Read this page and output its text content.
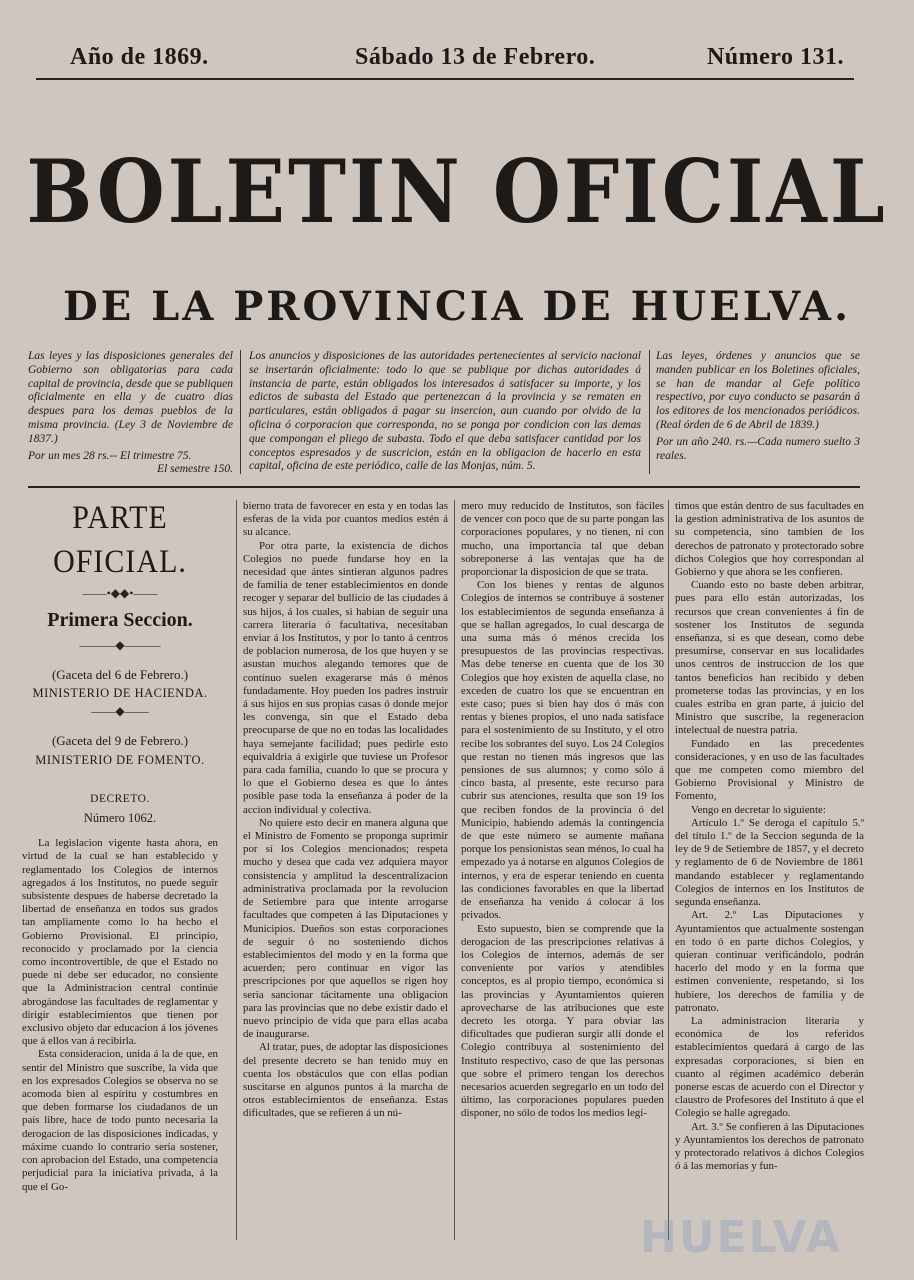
Año de 1869.	Sábado 13 de Febrero.	Número 131.
BOLETIN OFICIAL
DE LA PROVINCIA DE HUELVA.
Las leyes y las disposiciones generales del Gobierno son obligatorias para cada capital de provincia, desde que se publiquen oficialmente en ella y de cuatro dias despues para los demas pueblos de la misma provincia. (Ley 3 de Noviembre de 1837.)
Por un mes 28 rs.-- El trimestre 75.
El semestre 150.
Los anuncios y disposiciones de las autoridades pertenecientes al servicio nacional se insertarán oficialmente: todo lo que se publique por dichas autoridades á instancia de parte, están obligados los interesados á satisfacer su importe, y los edictos de subasta del Estado que pertenezcan á la provincia y se rematen en particulares, están obligados á pagar su insercion, aun cuando por olvido de la oficina ó corporacion que corresponda, no se ponga por condicion con las demas que compongan el pliego de subasta. Todo el que deba satisfacer cantidad por los conceptos espresados y de suscricion, están en la obligacion de hacerlo en esta capital, oficina de este periódico, calle de las Monjas, núm. 5.
Las leyes, órdenes y anuncios que se manden publicar en los Boletines oficiales, se han de mandar al Gefe político respectivo, por cuyo conducto se pasarán á los editores de los mencionados periódicos. (Real órden de 6 de Abril de 1839.)
Por un año 240. rs.—Cada numero suelto 3 reales.
PARTE OFICIAL.
——•◆◆•——
Primera Seccion.
———◆———
(Gaceta del 6 de Febrero.)
MINISTERIO DE HACIENDA.
——◆——
(Gaceta del 9 de Febrero.)
MINISTERIO DE FOMENTO.
DECRETO.
Número 1062.

La legislacion vigente hasta ahora, en virtud de la cual se han establecido y reglamentado los Colegios de internos agregados á los Institutos, no puede seguir subsistente despues de haberse decretado la libertad de enseñanza en todos sus grados tan ampliamente como lo ha hecho el Gobierno Provisional. El principio, reconocido y proclamado por la ciencia como incontrovertible, de que el Estado no puede ni debe ser educador, no consiente que la Administracion central continúe abrogándose las facultades de reglamentar y dirigir establecimientos que tienen por exclusivo objeto dar educacion á los jóvenes que á ellos van á recibirla.

Esta consideracion, unida á la de que, en sentir del Ministro que suscribe, la vida que en los expresados Colegios se observa no se acomoda bien al espíritu y costumbres en que deben formarse los ciudadanos de un país libre, hace de todo punto necesaria la derogacion de las disposiciones indicadas, y máxime cuando lo contrario sería sostener, con aprobacion del Estado, una competencia perjudicial para la iniciativa privada, á la que el Go-

bierno trata de favorecer en esta y en todas las esferas de la vida por cuantos medios estén á su alcance.

Por otra parte, la existencia de dichos Colegios no puede fundarse hoy en la necesidad que ántes sintieran algunos padres de familia de tener establecimientos en donde recoger y separar del bullicio de las ciudades á sus hijos, á los cuales, si habian de seguir una carrera literaria ó facultativa, necesitaban enviar á los Institutos, y por lo tanto á centros de poblacion numerosa, de los que huyen y se asustan muchos alegando temores que de contínuo suelen exagerarse más ó ménos fundadamente. Hoy pueden los padres instruir á sus hijos en sus propias casas ó donde mejor les convenga, sin que el Estado deba preocuparse de que no en todas las localidades haya semejante facilidad; pues pedirle esto equivaldria á exigirle que tuviese un Profesor para cada familia, cuando lo que se procura y lo que el Gobierno desea es que lo ántes posible pase toda la enseñanza á poder de la accion individual y colectiva.

No quiere esto decir en manera alguna que el Ministro de Fomento se proponga suprimir por sí los Colegios mencionados; respeta mucho y desea que cada vez adquiera mayor consistencia y amplitud la descentralizacion administrativa proclamada por la revolucion de Setiembre para que intente arrogarse facultades que competen á las Diputaciones y Municipios. Dueños son estas corporaciones de seguir ó no sosteniendo dichos establecimientos del modo y en la forma que acuerden; pero continuar en vigor las prescripciones por que aquellos se rigen hoy seria sancionar tácitamente una obligacion para las provincias que no debe existir dado el nuevo principio de vida que para ellas acaba de inaugurarse.

Al tratar, pues, de adoptar las disposiciones del presente decreto se han tenido muy en cuenta los obstáculos que con ellas podian suscitarse en algunos puntos á la marcha de otros establecimientos de enseñanza. Estas dificultades, que se refieren á un nú-

mero muy reducido de Institutos, son fáciles de vencer con poco que de su parte pongan las corporaciones populares, y no tienen, ni con mucho, una importancia tal que deban sobreponerse á las ventajas que ha de proporcionar la disposicion de que se trata.

Con los bienes y rentas de algunos Colegios de internos se contribuye á sostener los establecimientos de segunda enseñanza á que se hallan agregados, lo cual descarga de una suma más ó ménos crecida los presupuestos de las provincias respectivas. Mas debe tenerse en cuenta que de los 30 Colegios que hoy existen de aquella clase, no exceden de cuatro los que se encuentran en este caso; pues si bien hay dos ó más con rentas y bienes propios, el uno nada satisface para el sostenimiento de su Instituto, y el otro recibe los sobrantes del suyo. Los 24 Colegios que restan no tienen más ingresos que las pensiones de sus alumnos; y como sólo á cinco basta, al presente, este recurso para cubrir sus atenciones, resulta que son 19 los que reciben fondos de la provincia ó del Municipio, habiendo además la contingencia de que este número se aumente mañana porque los pensionistas sean ménos, lo cual ha empezado ya á notarse en algunos Colegios de internos, y era de esperar teniendo en cuenta las condiciones favorables en que la libertad de enseñanza ha venido á colocar á los privados.

Esto supuesto, bien se comprende que la derogacion de las prescripciones relativas á los Colegios de internos, además de ser conveniente por varios y atendibles conceptos, es al propio tiempo, económica si las provincias y Ayuntamientos quieren aprovecharse de las atribuciones que este decreto les otorga. Y para obviar las dificultades que pudieran surgir allí donde el Colegio contribuya al sostenimiento del Instituto respectivo, caso de que las personas que sobre el primero tengan los derechos necesarios acuerden segregarlo en un todo del último, las corporaciones populares pueden disponer, no sólo de todos los medios legí-

timos que están dentro de sus facultades en la gestion administrativa de los asuntos de su competencia, sino tambien de los derechos de patronato y protectorado sobre dichos Colegios que hoy correspondan al Gobierno y que ahora se les confieren.

Cuando esto no baste deben arbitrar, pues para ello están autorizadas, los recursos que crean convenientes á fin de sostener los Institutos de segunda enseñanza, si es que desean, como debe presumirse, conservar en sus localidades unos centros de instruccion de los que tantos beneficios han recibido y deben prometerse todas las provincias, y en los cuales estriba en gran parte, á juicio del Ministro que suscribe, la regeneracion intelectual de nuestra patria.

Fundado en las precedentes consideraciones, y en uso de las facultades que me competen como miembro del Gobierno Provisional y Ministro de Fomento,

Vengo en decretar lo siguiente:

Artículo 1.º Se deroga el capítulo 5.º del título 1.º de la Seccion segunda de la ley de 9 de Setiembre de 1857, y el decreto y reglamento de 6 de Noviembre de 1861 mandando establecer y reglamentando Colegios de internos en los Institutos de segunda enseñanza.

Art. 2.º Las Diputaciones y Ayuntamientos que actualmente sostengan en todo ó en parte dichos Colegios, y quieran continuar verificándolo, podrán hacerlo del modo y en la forma que estimen conveniente, respetando, si los hubiere, los derechos de familia y de patronato.

La administracion literaria y económica de los referidos establecimientos quedará á cargo de las expresadas corporaciones, si bien en cuanto al régimen académico deberán ponerse escas de acuerdo con el Director y claustro de Profesores del Instituto á que el Colegio se halle agregado.

Art. 3.º Se confieren á las Diputaciones y Ayuntamientos los derechos de patronato y protectorado relativos á dichos Colegios ó á las memorias y fun-

HUELVA
